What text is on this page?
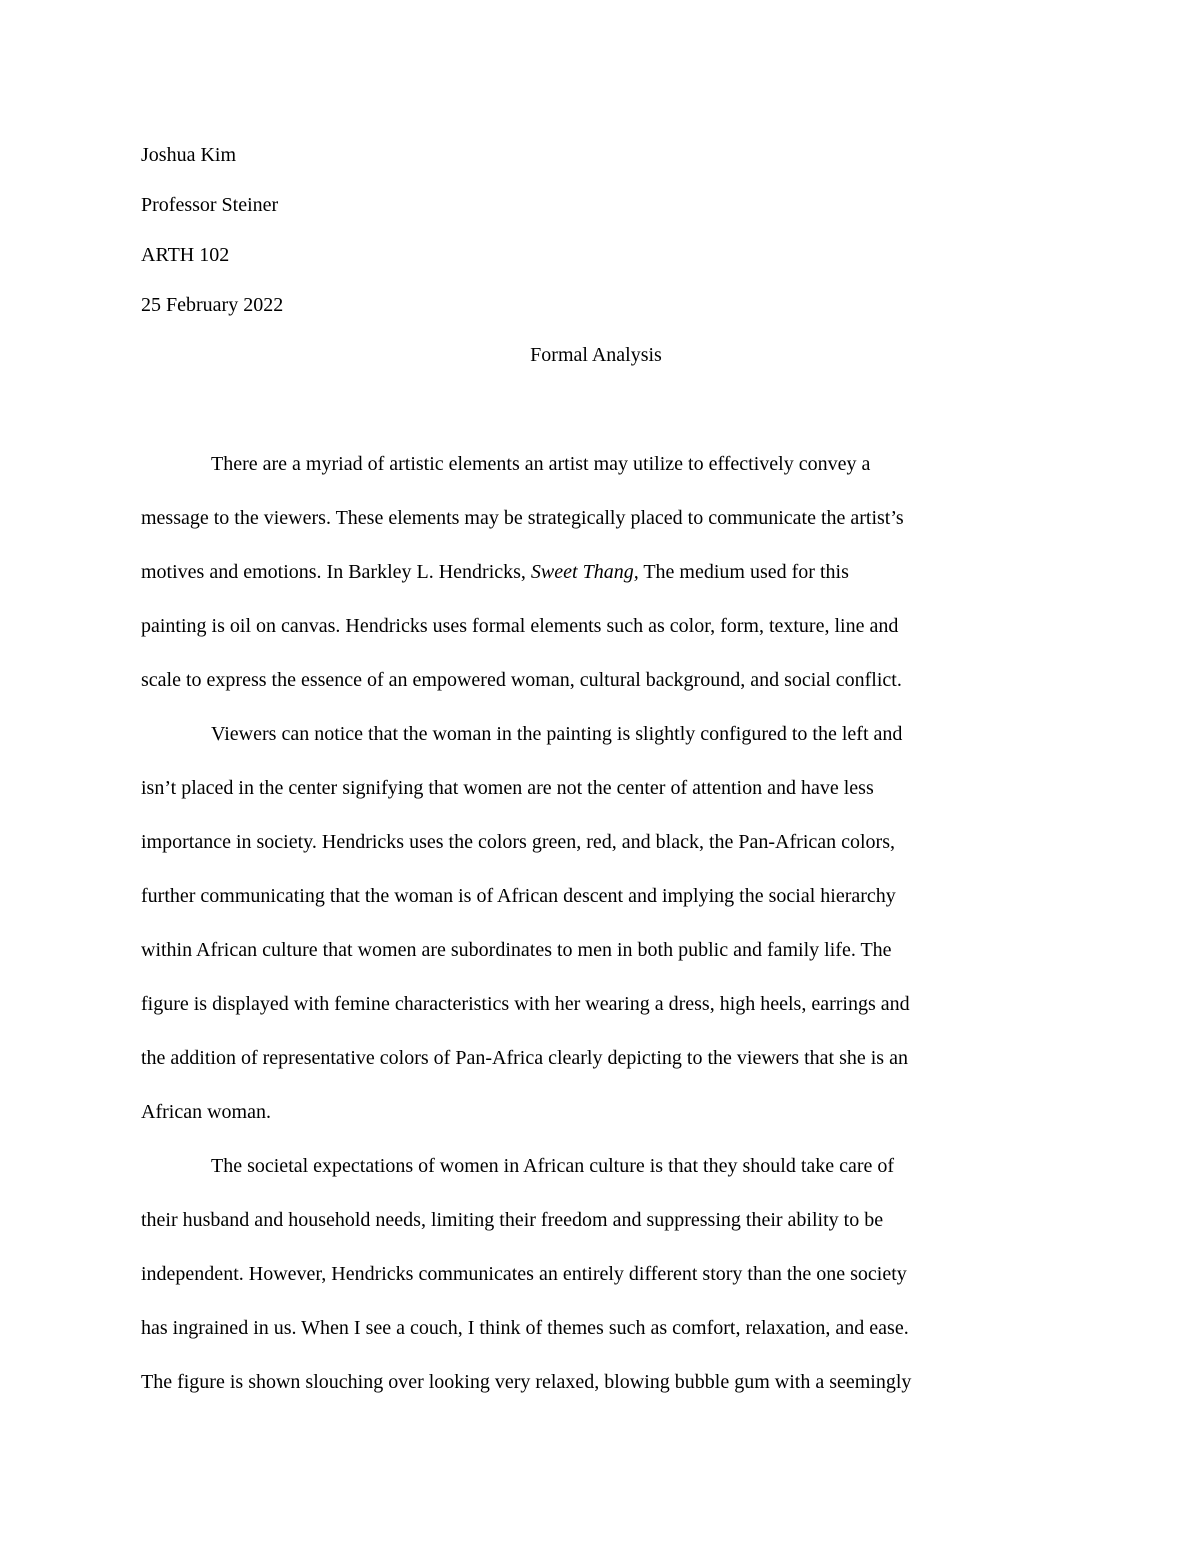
Joshua Kim

Professor Steiner

ARTH 102

25 February 2022

Formal Analysis

There are a myriad of artistic elements an artist may utilize to effectively convey a
message to the viewers. These elements may be strategically placed to communicate the artist’s
motives and emotions. In Barkley L. Hendricks, Sweet Thang, The medium used for this
painting is oil on canvas. Hendricks uses formal elements such as color, form, texture, line and
scale to express the essence of an empowered woman, cultural background, and social conflict.
Viewers can notice that the woman in the painting is slightly configured to the left and
isn’t placed in the center signifying that women are not the center of attention and have less
importance in society. Hendricks uses the colors green, red, and black, the Pan-African colors,
further communicating that the woman is of African descent and implying the social hierarchy
within African culture that women are subordinates to men in both public and family life. The
figure is displayed with femine characteristics with her wearing a dress, high heels, earrings and
the addition of representative colors of Pan-Africa clearly depicting to the viewers that she is an
African woman.
The societal expectations of women in African culture is that they should take care of
their husband and household needs, limiting their freedom and suppressing their ability to be
independent. However, Hendricks communicates an entirely different story than the one society
has ingrained in us. When I see a couch, I think of themes such as comfort, relaxation, and ease.
The figure is shown slouching over looking very relaxed, blowing bubble gum with a seemingly
